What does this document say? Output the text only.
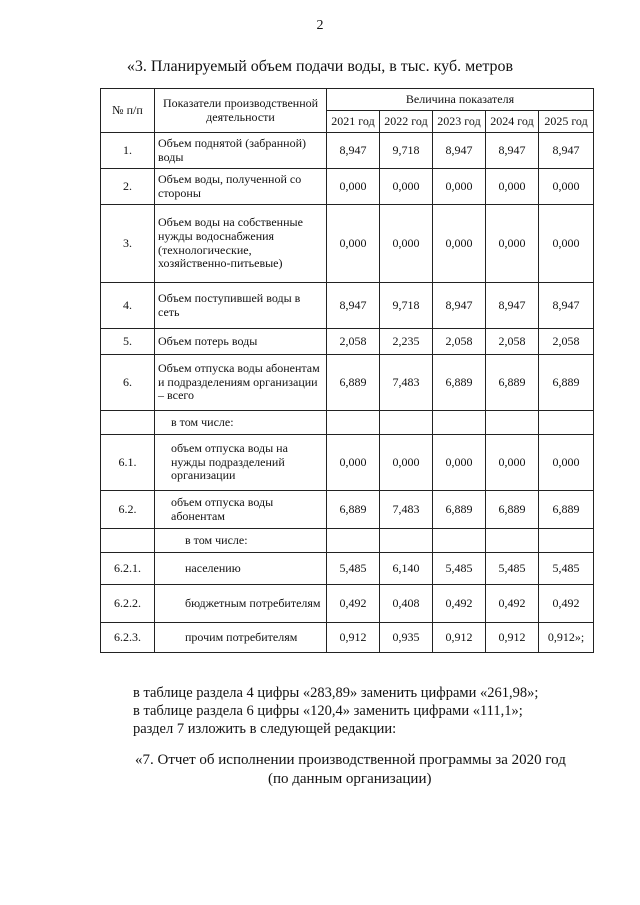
2
«3. Планируемый объем подачи воды, в тыс. куб. метров
№ п/п	Показатели производственной деятельности	Величина показателя				
		2021 год	2022 год	2023 год	2024 год	2025 год
1.	Объем поднятой (забранной) воды	8,947	9,718	8,947	8,947	8,947
2.	Объем воды, полученной со стороны	0,000	0,000	0,000	0,000	0,000
3.	Объем воды на собственные нужды водоснабжения (технологические, хозяйственно-питьевые)	0,000	0,000	0,000	0,000	0,000
4.	Объем поступившей воды в сеть	8,947	9,718	8,947	8,947	8,947
5.	Объем потерь воды	2,058	2,235	2,058	2,058	2,058
6.	Объем отпуска воды абонентам и подразделениям организации – всего	6,889	7,483	6,889	6,889	6,889
	в том числе:					
6.1.	объем отпуска воды на нужды подразделений организации	0,000	0,000	0,000	0,000	0,000
6.2.	объем отпуска воды абонентам	6,889	7,483	6,889	6,889	6,889
	в том числе:					
6.2.1.	населению	5,485	6,140	5,485	5,485	5,485
6.2.2.	бюджетным потребителям	0,492	0,408	0,492	0,492	0,492
6.2.3.	прочим потребителям	0,912	0,935	0,912	0,912	0,912»;
в таблице раздела 4 цифры «283,89» заменить цифрами «261,98»;
в таблице раздела 6 цифры «120,4» заменить цифрами «111,1»;
раздел 7 изложить в следующей редакции:
«7. Отчет об исполнении производственной программы за 2020 год
(по данным организации)
